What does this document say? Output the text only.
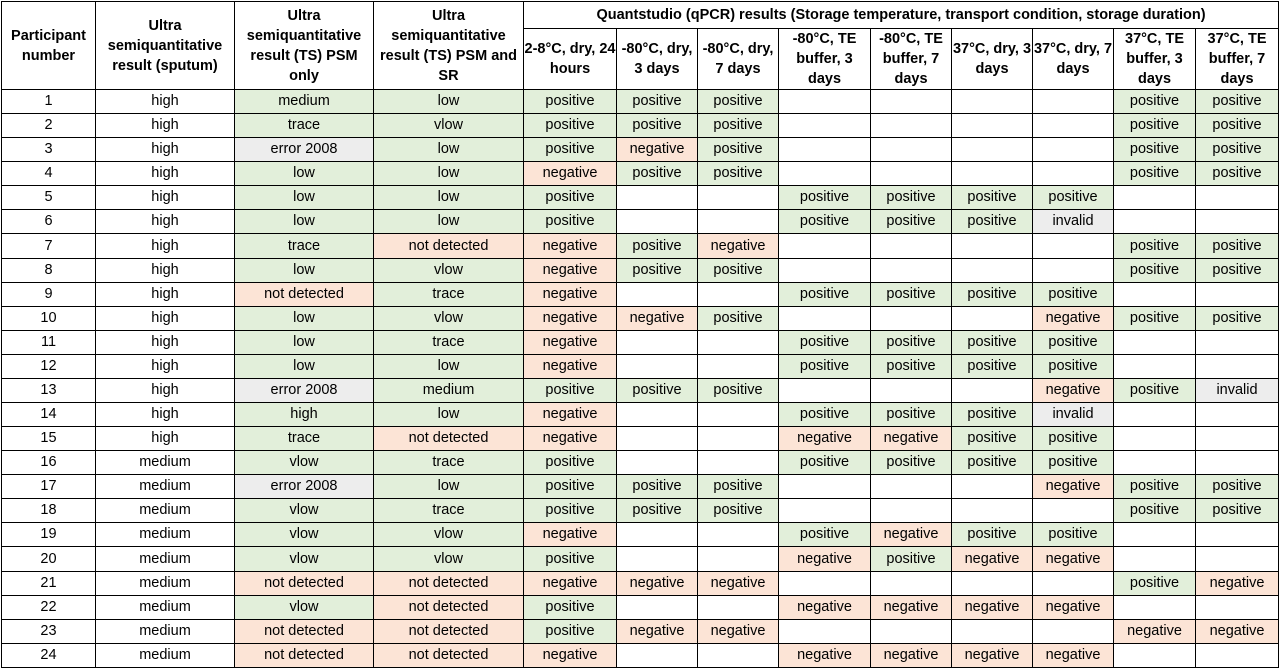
Participant number	Ultra semiquantitative result (sputum)	Ultra semiquantitative result (TS) PSM only	Ultra semiquantitative result (TS) PSM and SR	Quantstudio (qPCR) results (Storage temperature, transport condition, storage duration)								
				2-8°C, dry, 24 hours	-80°C, dry, 3 days	-80°C, dry, 7 days	-80°C, TE buffer, 3 days	-80°C, TE buffer, 7 days	37°C, dry, 3 days	37°C, dry, 7 days	37°C, TE buffer, 3 days	37°C, TE buffer, 7 days
1	high	medium	low	positive	positive	positive					positive	positive
2	high	trace	vlow	positive	positive	positive					positive	positive
3	high	error 2008	low	positive	negative	positive					positive	positive
4	high	low	low	negative	positive	positive					positive	positive
5	high	low	low	positive			positive	positive	positive	positive		
6	high	low	low	positive			positive	positive	positive	invalid		
7	high	trace	not detected	negative	positive	negative					positive	positive
8	high	low	vlow	negative	positive	positive					positive	positive
9	high	not detected	trace	negative			positive	positive	positive	positive		
10	high	low	vlow	negative	negative	positive				negative	positive	positive
11	high	low	trace	negative			positive	positive	positive	positive		
12	high	low	low	negative			positive	positive	positive	positive		
13	high	error 2008	medium	positive	positive	positive				negative	positive	invalid
14	high	high	low	negative			positive	positive	positive	invalid		
15	high	trace	not detected	negative			negative	negative	positive	positive		
16	medium	vlow	trace	positive			positive	positive	positive	positive		
17	medium	error 2008	low	positive	positive	positive				negative	positive	positive
18	medium	vlow	trace	positive	positive	positive					positive	positive
19	medium	vlow	vlow	negative			positive	negative	positive	positive		
20	medium	vlow	vlow	positive			negative	positive	negative	negative		
21	medium	not detected	not detected	negative	negative	negative					positive	negative
22	medium	vlow	not detected	positive			negative	negative	negative	negative		
23	medium	not detected	not detected	positive	negative	negative					negative	negative
24	medium	not detected	not detected	negative			negative	negative	negative	negative		
